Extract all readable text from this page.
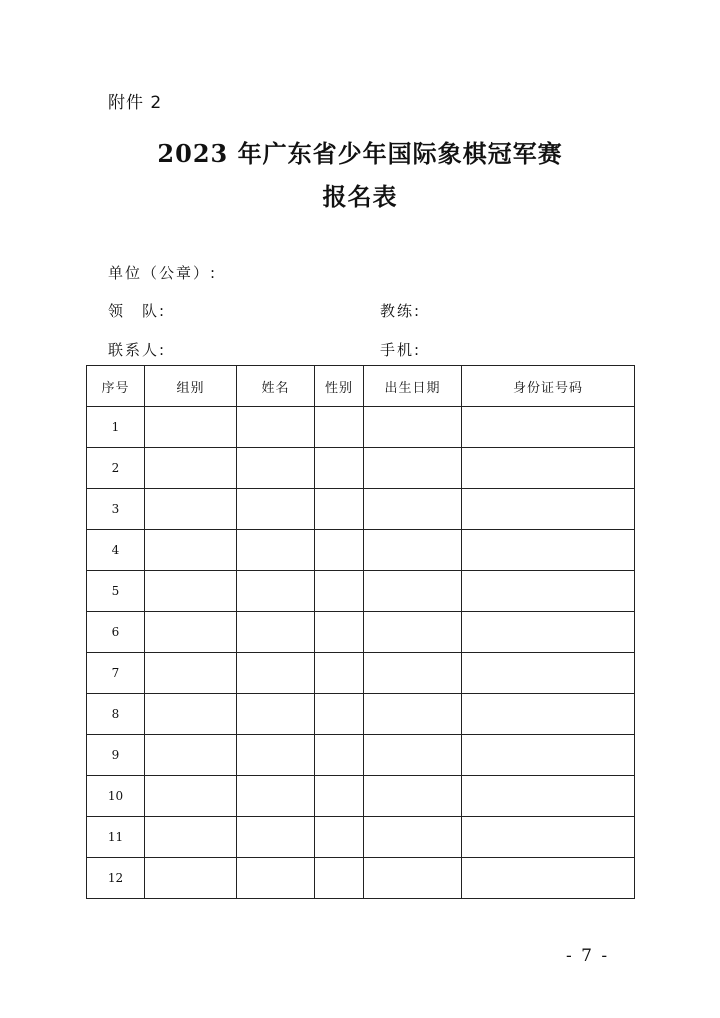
附件 2
2023 年广东省少年国际象棋冠军赛
报名表
单位（公章）:
领　队:	教练:
联系人:	手机:
序号	组别	姓名	性别	出生日期	身份证号码
1					
2					
3					
4					
5					
6					
7					
8					
9					
10					
11					
12					
- 7 -
